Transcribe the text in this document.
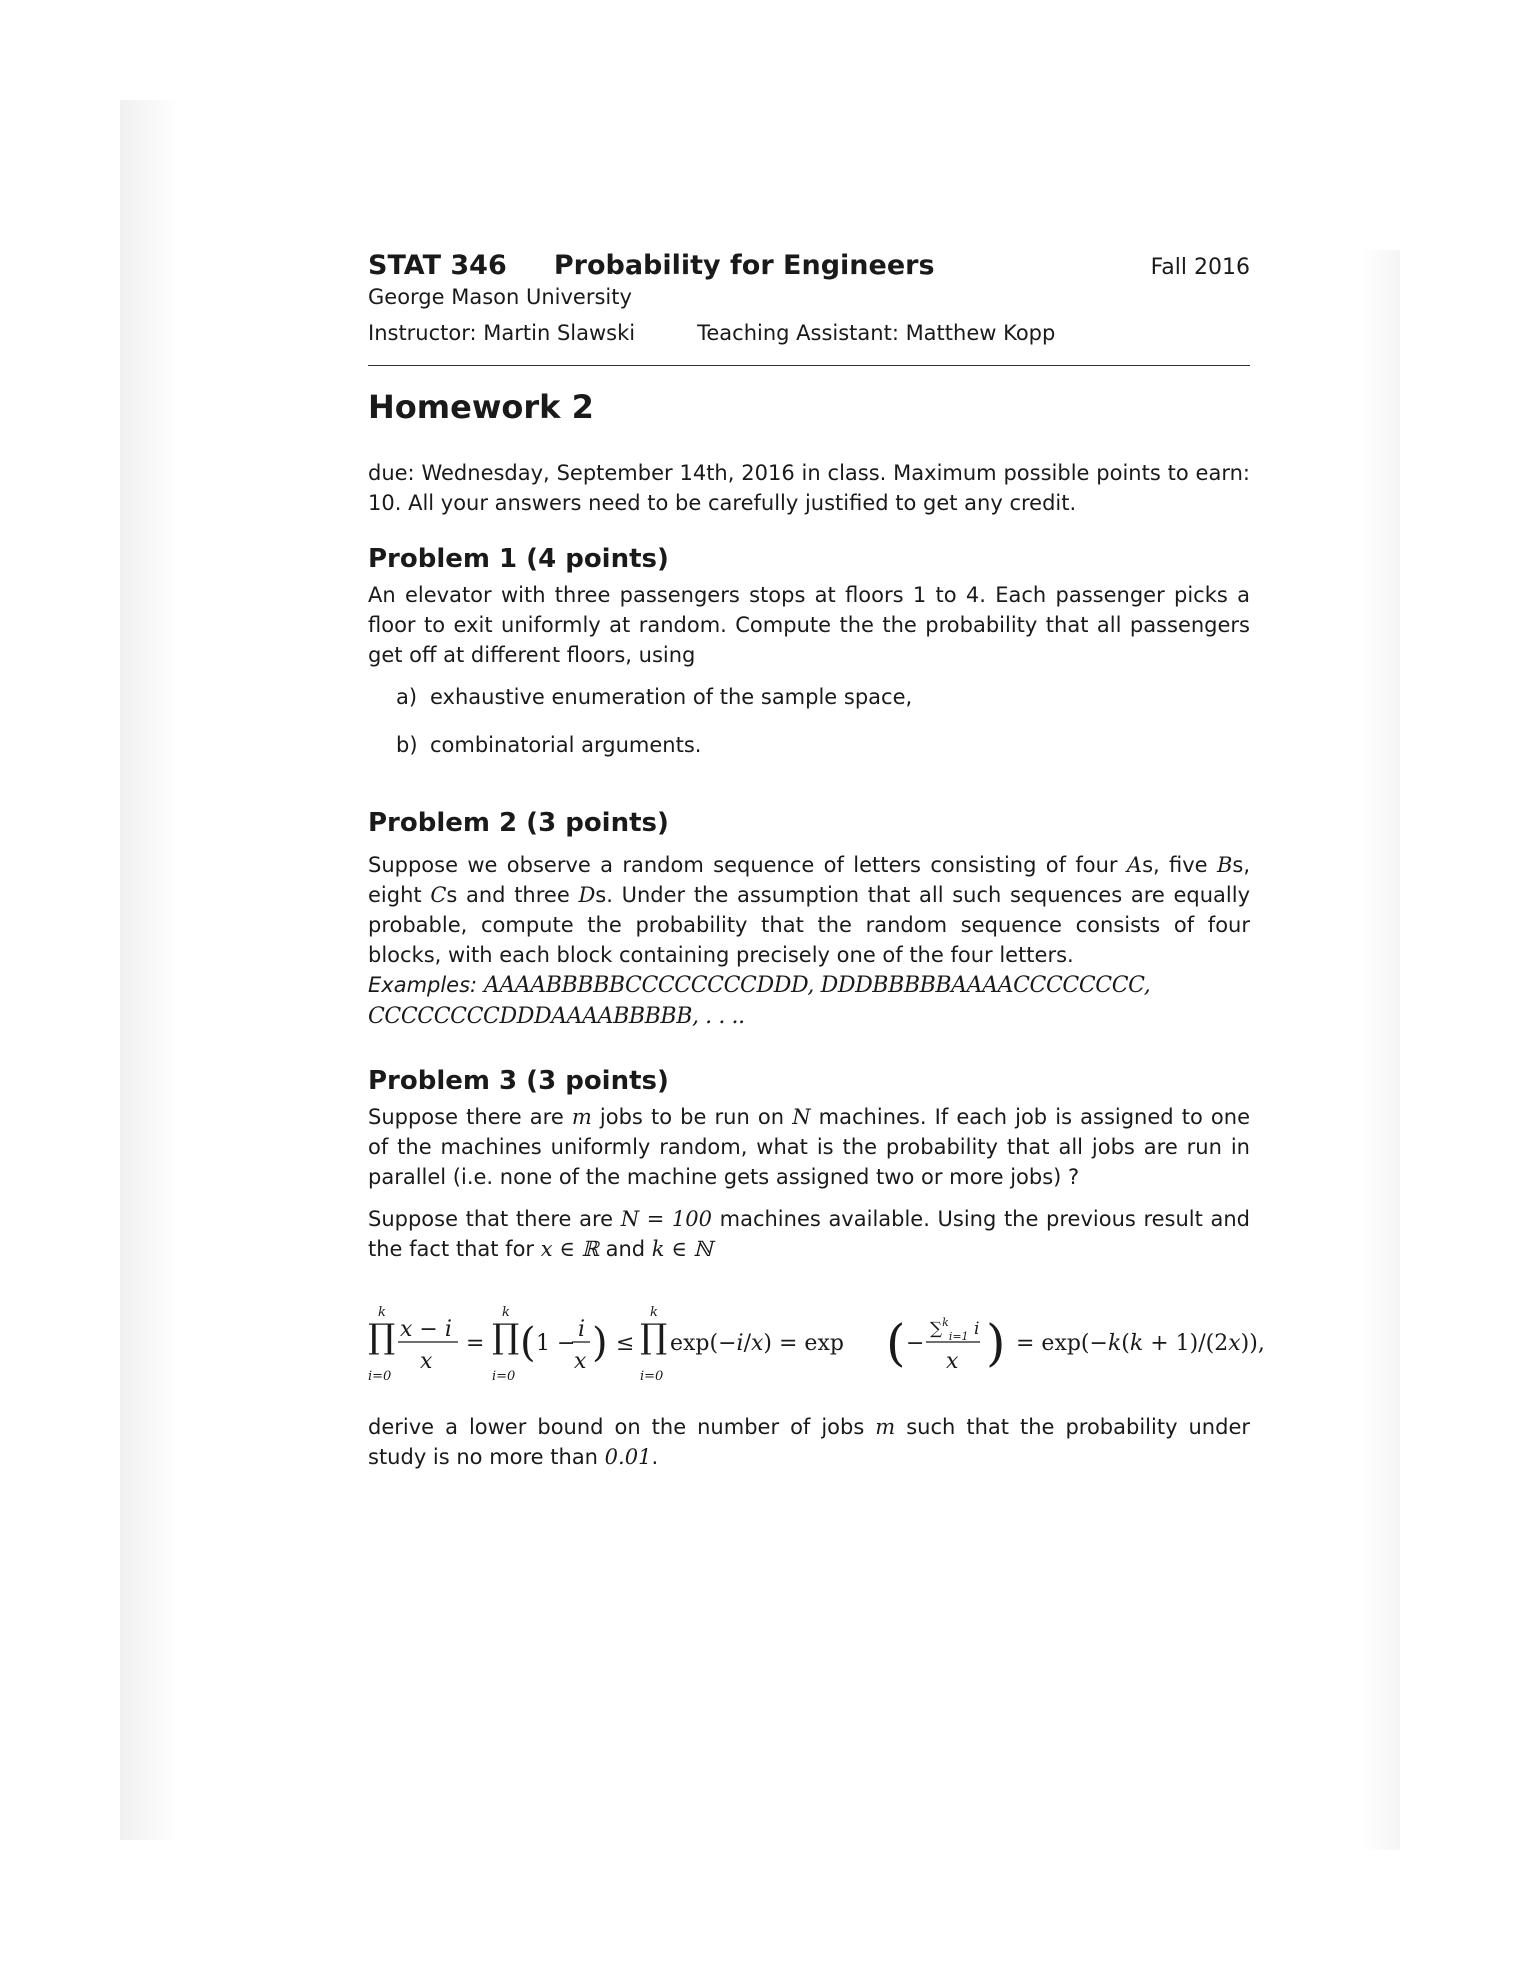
STAT 346 Probability for Engineers	Fall 2016
George Mason University
Instructor: Martin Slawski	Teaching Assistant: Matthew Kopp
Homework 2

due: Wednesday, September 14th, 2016 in class. Maximum possible points to earn: 10. All your answers need to be carefully justified to get any credit.

Problem 1 (4 points)

An elevator with three passengers stops at floors 1 to 4. Each passenger picks a floor to exit uniformly at random. Compute the the probability that all passengers get off at different floors, using

a) exhaustive enumeration of the sample space,
b) combinatorial arguments.
Problem 2 (3 points)

Suppose we observe a random sequence of letters consisting of four As, five Bs, eight Cs and three Ds. Under the assumption that all such sequences are equally probable, compute the probability that the random sequence consists of four blocks, with each block containing precisely one of the four letters.

Examples: AAAABBBBBCCCCCCCCDDD, DDDBBBBBAAAACCCCCCCC, CCCCCCCCDDDAAAABBBBB, . . ..
Problem 3 (3 points)

Suppose there are m jobs to be run on N machines. If each job is assigned to one of the machines uniformly random, what is the probability that all jobs are run in parallel (i.e. none of the machine gets assigned two or more jobs) ?

Suppose that there are N = 100 machines available. Using the previous result and the fact that for x ∈ ℝ and k ∈ ℕ

∏
k
i=0
x − i
x
= ∏
k
i=0
( 1 −
i
x ) ≤ ∏
k
i=0
exp(−i/x) = exp ( −
∑$^k_{i=1}$ i
x ) = exp(−k(k + 1)/(2x)),

derive a lower bound on the number of jobs m such that the probability under study is no more than 0.01.
